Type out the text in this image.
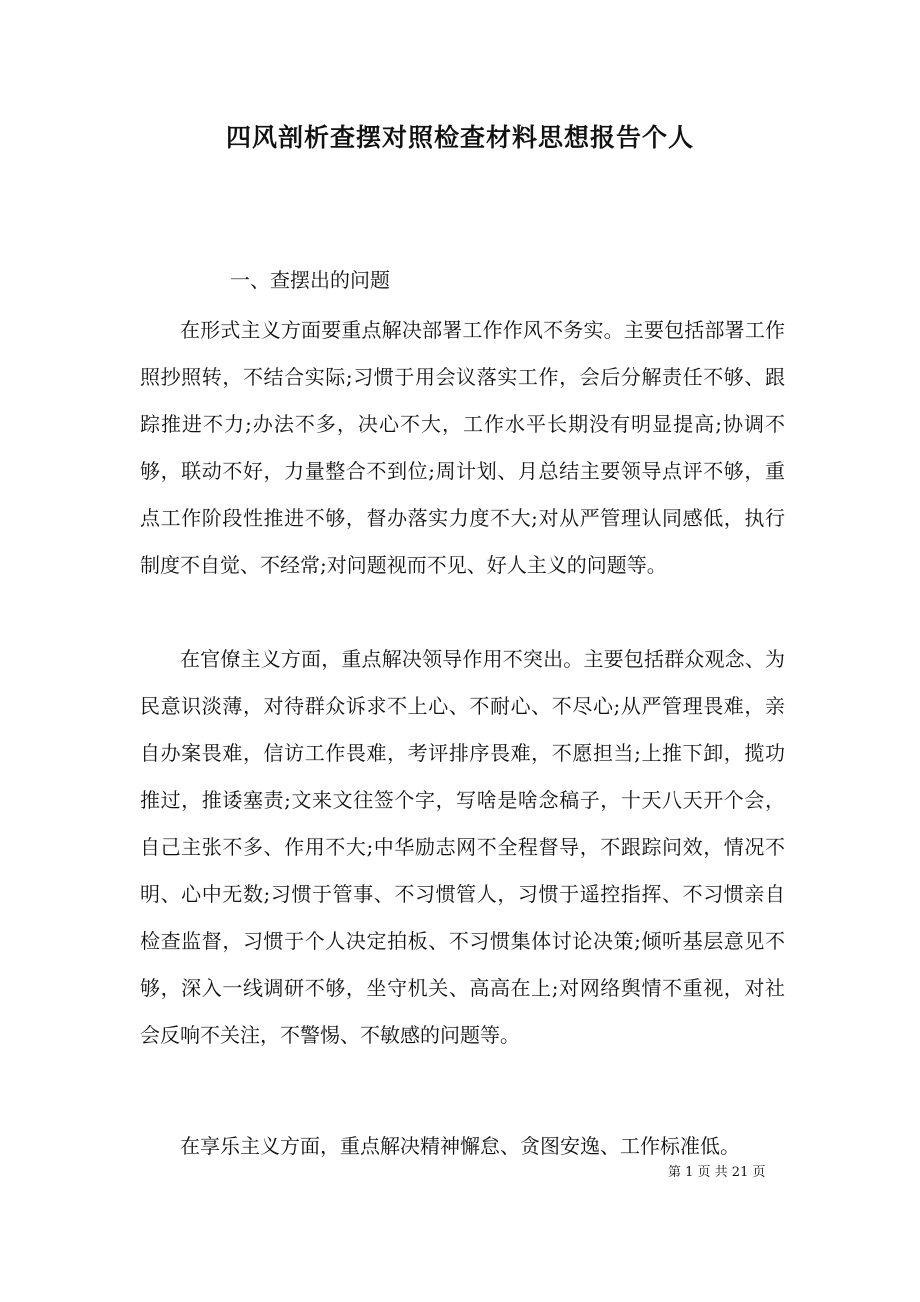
四风剖析查摆对照检查材料思想报告个人

一、查摆出的问题

在形式主义方面要重点解决部署工作作风不务实。主要包括部署工作照抄照转，不结合实际;习惯于用会议落实工作，会后分解责任不够、跟踪推进不力;办法不多，决心不大，工作水平长期没有明显提高;协调不够，联动不好，力量整合不到位;周计划、月总结主要领导点评不够，重点工作阶段性推进不够，督办落实力度不大;对从严管理认同感低，执行制度不自觉、不经常;对问题视而不见、好人主义的问题等。

在官僚主义方面，重点解决领导作用不突出。主要包括群众观念、为民意识淡薄，对待群众诉求不上心、不耐心、不尽心;从严管理畏难，亲自办案畏难，信访工作畏难，考评排序畏难，不愿担当;上推下卸，揽功推过，推诿塞责;文来文往签个字，写啥是啥念稿子，十天八天开个会，自己主张不多、作用不大;中华励志网不全程督导，不跟踪问效，情况不明、心中无数;习惯于管事、不习惯管人，习惯于遥控指挥、不习惯亲自检查监督，习惯于个人决定拍板、不习惯集体讨论决策;倾听基层意见不够，深入一线调研不够，坐守机关、高高在上;对网络舆情不重视，对社会反响不关注，不警惕、不敏感的问题等。

在享乐主义方面，重点解决精神懈怠、贪图安逸、工作标准低。

第 1 页 共 21 页
